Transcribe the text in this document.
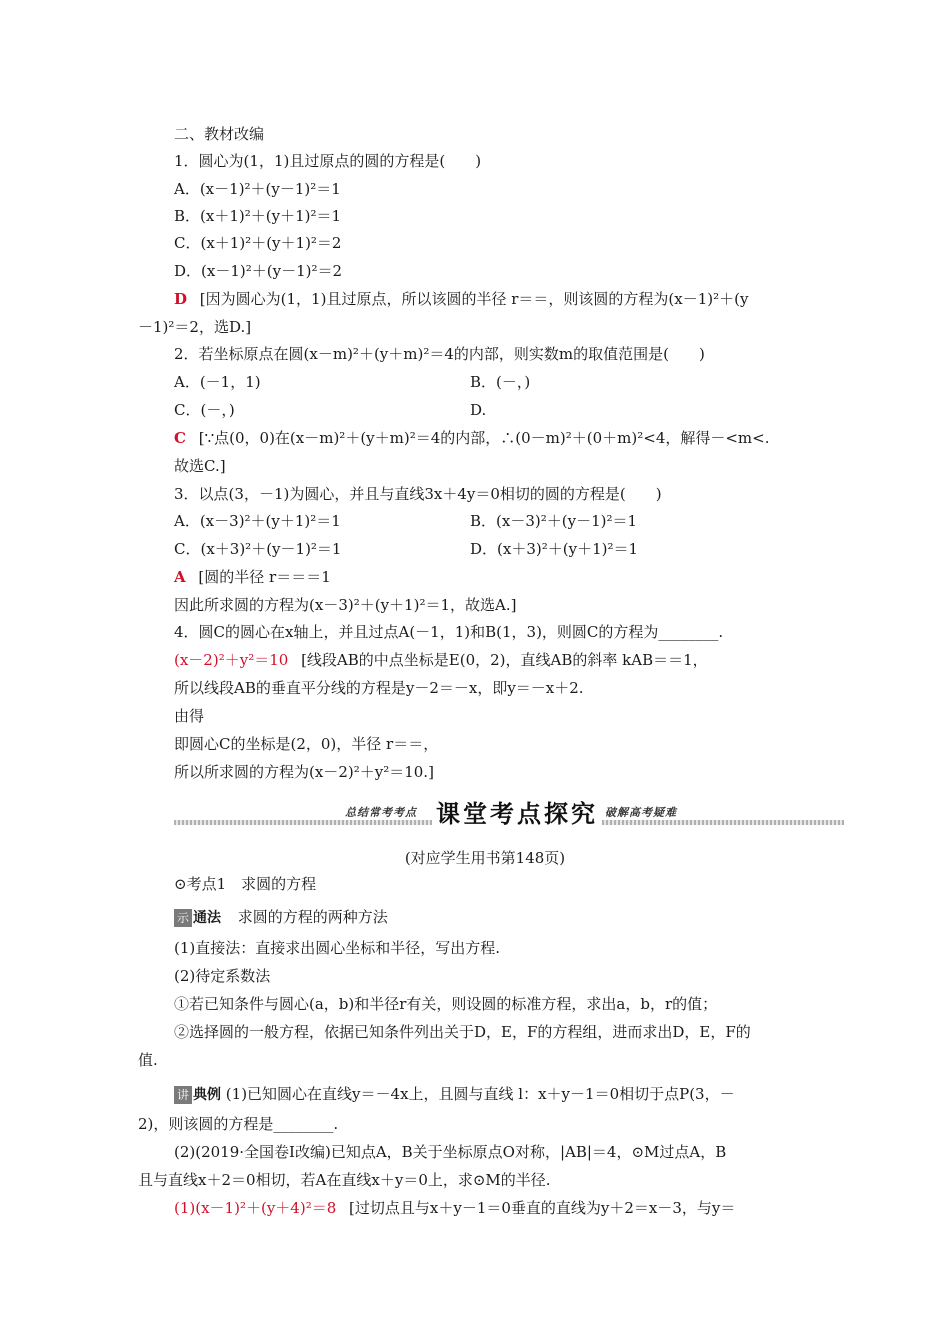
二、教材改编
1．圆心为(1，1)且过原点的圆的方程是(　　)
A．(x－1)²＋(y－1)²＝1
B．(x＋1)²＋(y＋1)²＝1
C．(x＋1)²＋(y＋1)²＝2
D．(x－1)²＋(y－1)²＝2
D [因为圆心为(1，1)且过原点，所以该圆的半径 r＝＝，则该圆的方程为(x－1)²＋(y
－1)²＝2，选D.]
2．若坐标原点在圆(x－m)²＋(y＋m)²＝4的内部，则实数m的取值范围是(　　)
A．(－1，1)	B．(－，)
C．(－，)	D.
C [∵点(0，0)在(x－m)²＋(y＋m)²＝4的内部，∴(0－m)²＋(0＋m)²<4，解得－<m<.
故选C.]
3．以点(3，－1)为圆心，并且与直线3x＋4y＝0相切的圆的方程是(　　)
A．(x－3)²＋(y＋1)²＝1	B．(x－3)²＋(y－1)²＝1
C．(x＋3)²＋(y－1)²＝1	D．(x＋3)²＋(y＋1)²＝1
A [圆的半径 r＝＝＝1
因此所求圆的方程为(x－3)²＋(y＋1)²＝1，故选A.]
4．圆C的圆心在x轴上，并且过点A(－1，1)和B(1，3)，则圆C的方程为________.
(x－2)²＋y²＝10 [线段AB的中点坐标是E(0，2)，直线AB的斜率 kAB＝＝1，
所以线段AB的垂直平分线的方程是y－2＝－x，即y＝－x＋2.
由得
即圆心C的坐标是(2，0)，半径 r＝＝，
所以所求圆的方程为(x－2)²＋y²＝10.]
总结常考考点 课堂考点探究 破解高考疑难
(对应学生用书第148页)
⊙考点1　求圆的方程
示 通法 求圆的方程的两种方法
(1)直接法：直接求出圆心坐标和半径，写出方程.
(2)待定系数法
①若已知条件与圆心(a，b)和半径r有关，则设圆的标准方程，求出a，b，r的值；
②选择圆的一般方程，依据已知条件列出关于D，E，F的方程组，进而求出D，E，F的
值.
讲 典例 (1)已知圆心在直线y＝－4x上，且圆与直线 l：x＋y－1＝0相切于点P(3，－
2)，则该圆的方程是________.
(2)(2019·全国卷Ⅰ改编)已知点A，B关于坐标原点O对称，|AB|＝4，⊙M过点A，B
且与直线x＋2＝0相切，若A在直线x＋y＝0上，求⊙M的半径.
(1)(x－1)²＋(y＋4)²＝8 [过切点且与x＋y－1＝0垂直的直线为y＋2＝x－3，与y＝
